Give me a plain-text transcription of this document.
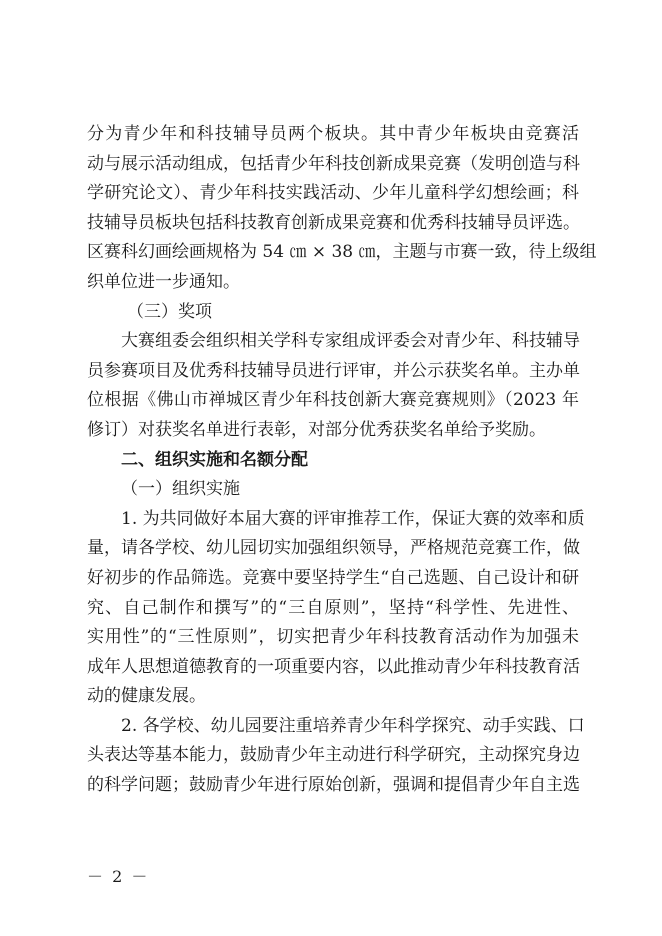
分为青少年和科技辅导员两个板块。其中青少年板块由竞赛活
动与展示活动组成，包括青少年科技创新成果竞赛（发明创造与科
学研究论文）、青少年科技实践活动、少年儿童科学幻想绘画；科
技辅导员板块包括科技教育创新成果竞赛和优秀科技辅导员评选。
区赛科幻画绘画规格为 54 ㎝ × 38 ㎝，主题与市赛一致，待上级组
织单位进一步通知。
（三）奖项
大赛组委会组织相关学科专家组成评委会对青少年、科技辅导
员参赛项目及优秀科技辅导员进行评审，并公示获奖名单。主办单
位根据《佛山市禅城区青少年科技创新大赛竞赛规则》（2023 年
修订）对获奖名单进行表彰，对部分优秀获奖名单给予奖励。
二、组织实施和名额分配
（一）组织实施
1. 为共同做好本届大赛的评审推荐工作，保证大赛的效率和质
量，请各学校、幼儿园切实加强组织领导，严格规范竞赛工作，做
好初步的作品筛选。竞赛中要坚持学生“自己选题、自己设计和研
究、自己制作和撰写”的“三自原则”，坚持“科学性、先进性、
实用性”的“三性原则”，切实把青少年科技教育活动作为加强未
成年人思想道德教育的一项重要内容，以此推动青少年科技教育活
动的健康发展。
2. 各学校、幼儿园要注重培养青少年科学探究、动手实践、口
头表达等基本能力，鼓励青少年主动进行科学研究，主动探究身边
的科学问题；鼓励青少年进行原始创新，强调和提倡青少年自主选
－ 2 －
